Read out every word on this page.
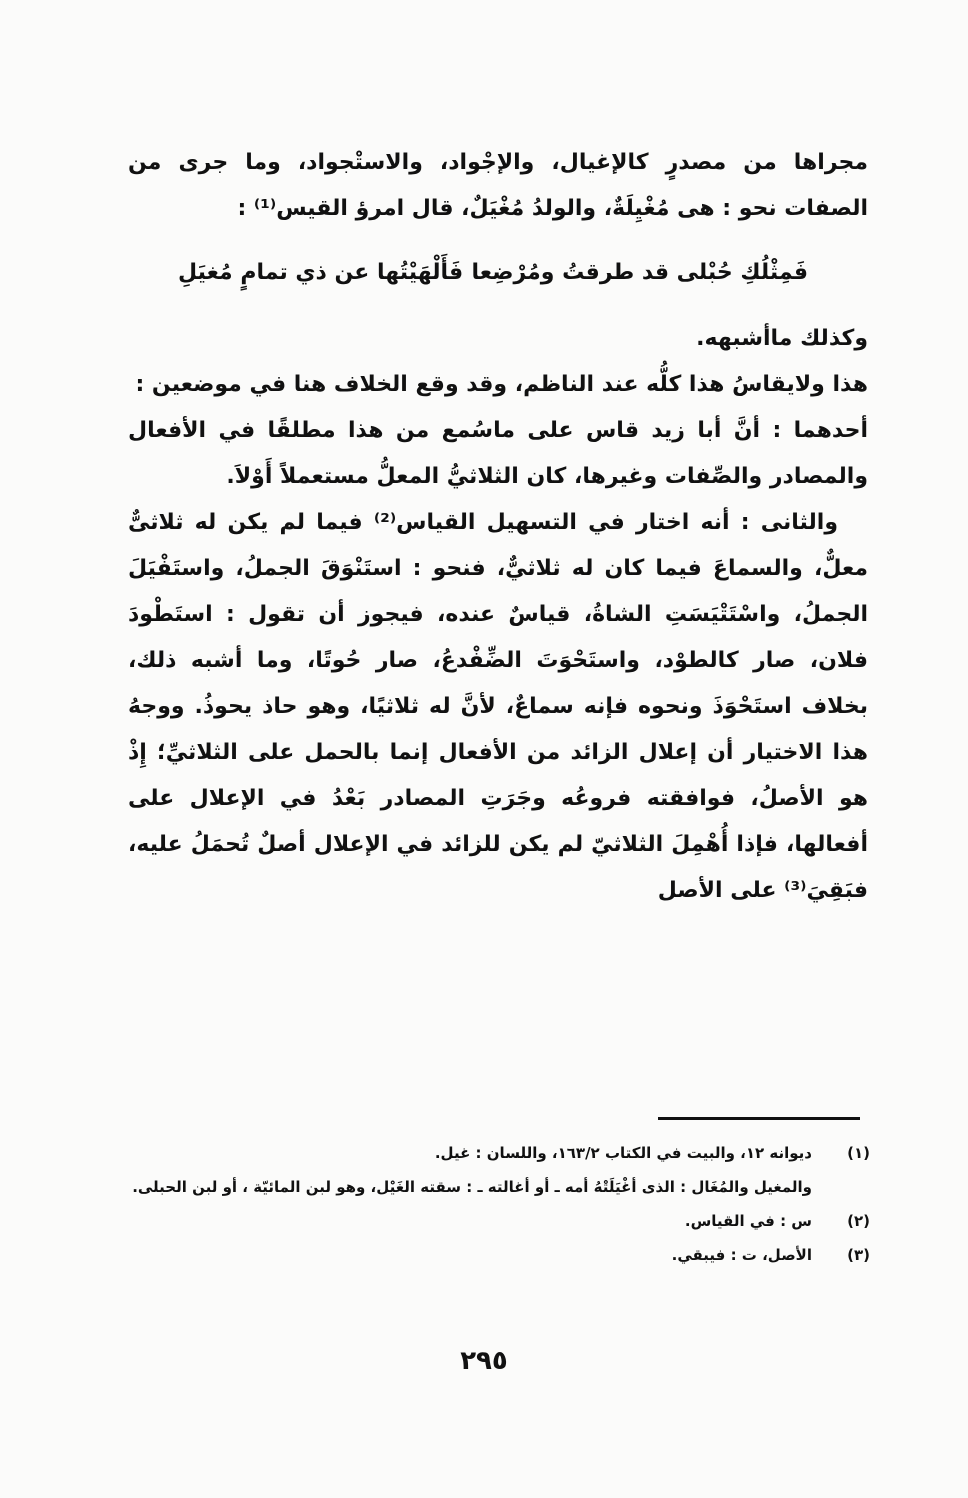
مجراها من مصدرٍ كالإغيال، والإجْواد، والاستْجواد، وما جرى من الصفات نحو : هى مُغْيِلَةٌ، والولدُ مُغْيَلٌ، قال امرؤ القيس⁽¹⁾ :

فَمِثْلُكِ حُبْلى قد طرقتُ ومُرْضِعا
فَأَلْهَيْتُها عن ذي تمامٍ مُغيَلِ

وكذلك ماأشبهه.

هذا ولايقاسُ هذا كلُّه عند الناظم، وقد وقع الخلاف هنا في موضعين :

أحدهما : أنَّ أبا زيد قاس على ماسُمع من هذا مطلقًا في الأفعال والمصادر والصِّفات وغيرها، كان الثلاثيُّ المعلُّ مستعملاً أَوْلاَ.

والثانى : أنه اختار في التسهيل القياس⁽²⁾ فيما لم يكن له ثلاثىٌّ معلٌّ، والسماعَ فيما كان له ثلاثيٌّ، فنحو : استَنْوَقَ الجملُ، واستَفْيَلَ الجملُ، واسْتَتْيَسَتِ الشاةُ، قياسٌ عنده، فيجوز أن تقول : استَطْودَ فلان، صار كالطوْد، واستَحْوَتَ الضِّفْدعُ، صار حُوتًا، وما أشبه ذلك، بخلاف استَحْوَذَ ونحوه فإنه سماعٌ، لأنَّ له ثلاثيًا، وهو حاذ يحوذُ. ووجهُ هذا الاختيار أن إعلال الزائد من الأفعال إنما بالحمل على الثلاثيِّ؛ إِذْ هو الأصلُ، فوافقته فروعُه وجَرَتِ المصادر بَعْدُ في الإعلال على أفعالها، فإذا أُهْمِلَ الثلاثيّ لم يكن للزائد في الإعلال أصلٌ تُحمَلُ عليه، فبَقِيَ⁽³⁾ على الأصل

(١)
ديوانه ١٢، والبيت في الكتاب ١٦٣/٢، واللسان : غيل.
والمغيل والمُغَال : الذى أغْيَلَتْهُ أمه ـ أو أغالته ـ : سقته الغَيْل، وهو لبن المائيّة ، أو لبن الحبلى.
(٢)
س : في القياس.
(٣)
الأصل، ت : فيبقي.
٢٩٥
